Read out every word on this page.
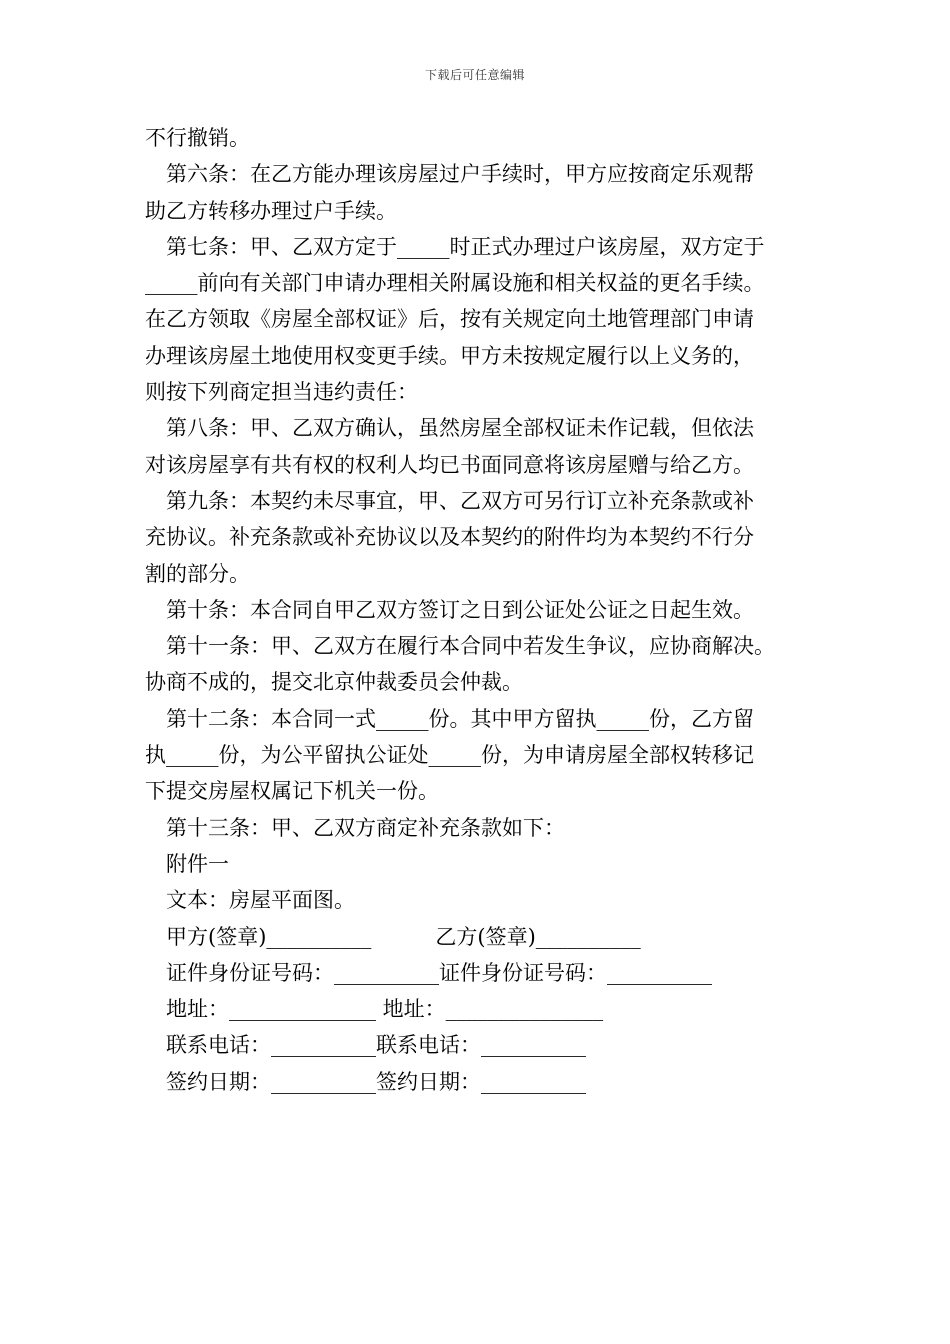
下载后可任意编辑
不行撤销。
第六条：在乙方能办理该房屋过户手续时，甲方应按商定乐观帮
助乙方转移办理过户手续。
第七条：甲、乙双方定于_____时正式办理过户该房屋，双方定于
_____前向有关部门申请办理相关附属设施和相关权益的更名手续。
在乙方领取《房屋全部权证》后，按有关规定向土地管理部门申请
办理该房屋土地使用权变更手续。甲方未按规定履行以上义务的，
则按下列商定担当违约责任：
第八条：甲、乙双方确认，虽然房屋全部权证未作记载，但依法
对该房屋享有共有权的权利人均已书面同意将该房屋赠与给乙方。
第九条：本契约未尽事宜，甲、乙双方可另行订立补充条款或补
充协议。补充条款或补充协议以及本契约的附件均为本契约不行分
割的部分。
第十条：本合同自甲乙双方签订之日到公证处公证之日起生效。
第十一条：甲、乙双方在履行本合同中若发生争议，应协商解决。
协商不成的，提交北京仲裁委员会仲裁。
第十二条：本合同一式_____份。其中甲方留执_____份，乙方留
执_____份，为公平留执公证处_____份，为申请房屋全部权转移记
下提交房屋权属记下机关一份。
第十三条：甲、乙双方商定补充条款如下：
附件一
文本：房屋平面图。
甲方(签章)__________	乙方(签章)__________
证件身份证号码：__________证件身份证号码：__________
地址：______________ 地址：_______________
联系电话：__________联系电话：__________
签约日期：__________签约日期：__________
